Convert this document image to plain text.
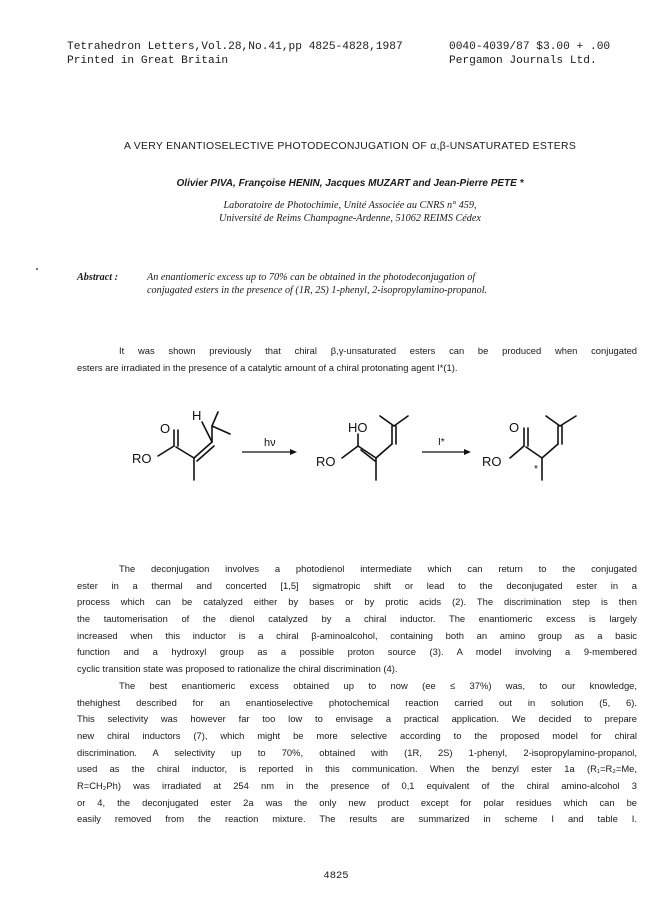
Tetrahedron Letters,Vol.28,No.41,pp 4825-4828,1987
Printed in Great Britain
0040-4039/87 $3.00 + .00
Pergamon Journals Ltd.
A VERY ENANTIOSELECTIVE PHOTODECONJUGATION OF α,β-UNSATURATED ESTERS
Olivier PIVA, Françoise HENIN, Jacques MUZART and Jean-Pierre PETE *
Laboratoire de Photochimie, Unité Associée au CNRS n° 459,
Université de Reims Champagne-Ardenne, 51062 REIMS Cédex
Abstract :	An enantiomeric excess up to 70% can be obtained in the photodeconjugation of
conjugated esters in the presence of (1R, 2S) 1-phenyl, 2-isopropylamino-propanol.
It was shown previously that chiral β,γ-unsaturated esters can be produced when conjugated
esters are irradiated in the presence of a catalytic amount of a chiral protonating agent I*(1).
O
H
RO
hν
HO
RO
I*
O
RO
*
The deconjugation involves a photodienol intermediate which can return to the conjugated
ester in a thermal and concerted [1,5] sigmatropic shift or lead to the deconjugated ester in a
process which can be catalyzed either by bases or by protic acids (2). The discrimination step is then
the tautomerisation of the dienol catalyzed by a chiral inductor. The enantiomeric excess is largely
increased when this inductor is a chiral β-aminoalcohol, containing both an amino group as a basic
function and a hydroxyl group as a possible proton source (3). A model involving a 9-membered
cyclic transition state was proposed to rationalize the chiral discrimination (4).
The best enantiomeric excess obtained up to now (ee ≤ 37%) was, to our knowledge,
thehighest described for an enantioselective photochemical reaction carried out in solution (5, 6).
This selectivity was however far too low to envisage a practical application. We decided to prepare
new chiral inductors (7), which might be more selective according to the proposed model for chiral
discrimination. A selectivity up to 70%, obtained with (1R, 2S) 1-phenyl, 2-isopropylamino-propanol,
used as the chiral inductor, is reported in this communication. When the benzyl ester 1a (R₁=R₂=Me,
R=CH₂Ph) was irradiated at 254 nm in the presence of 0,1 equivalent of the chiral amino-alcohol 3
or 4, the deconjugated ester 2a was the only new product except for polar residues which can be
easily removed from the reaction mixture. The results are summarized in scheme I and table I.
4825
